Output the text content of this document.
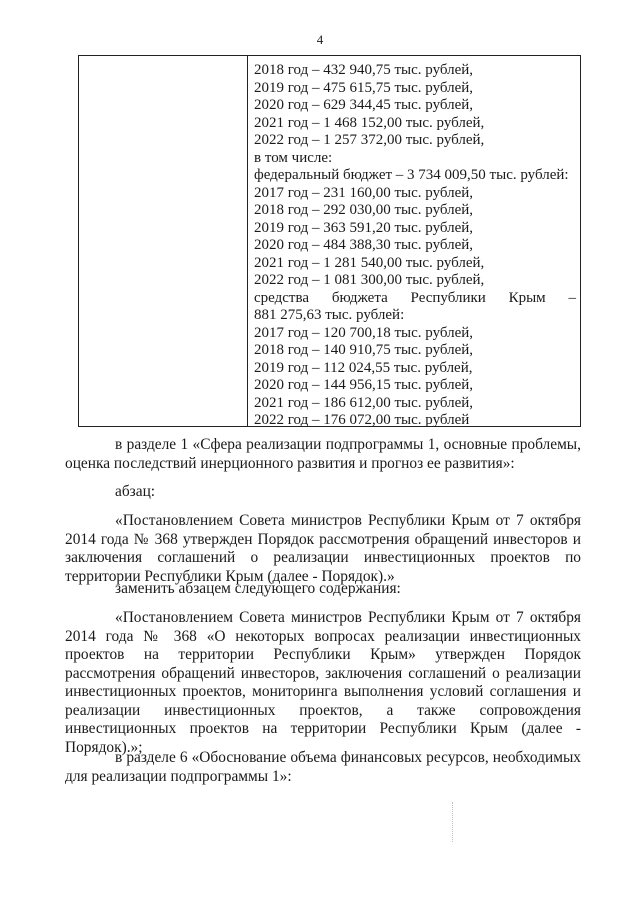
4
2018 год – 432 940,75 тыс. рублей,
2019 год – 475 615,75 тыс. рублей,
2020 год – 629 344,45 тыс. рублей,
2021 год – 1 468 152,00 тыс. рублей,
2022 год – 1 257 372,00 тыс. рублей,
в том числе:
федеральный бюджет – 3 734 009,50 тыс. рублей:
2017 год – 231 160,00 тыс. рублей,
2018 год – 292 030,00 тыс. рублей,
2019 год – 363 591,20 тыс. рублей,
2020 год – 484 388,30 тыс. рублей,
2021 год – 1 281 540,00 тыс. рублей,
2022 год – 1 081 300,00 тыс. рублей,
средства бюджета Республики Крым –
881 275,63 тыс. рублей:
2017 год – 120 700,18 тыс. рублей,
2018 год – 140 910,75 тыс. рублей,
2019 год – 112 024,55 тыс. рублей,
2020 год – 144 956,15 тыс. рублей,
2021 год – 186 612,00 тыс. рублей,
2022 год – 176 072,00 тыс. рублей

в разделе 1 «Сфера реализации подпрограммы 1, основные проблемы, оценка последствий инерционного развития и прогноз ее развития»:

абзац:

«Постановлением Совета министров Республики Крым от 7 октября 2014 года № 368 утвержден Порядок рассмотрения обращений инвесторов и заключения соглашений о реализации инвестиционных проектов по территории Республики Крым (далее - Порядок).»

заменить абзацем следующего содержания:

«Постановлением Совета министров Республики Крым от 7 октября 2014 года № 368 «О некоторых вопросах реализации инвестиционных проектов на территории Республики Крым» утвержден Порядок рассмотрения обращений инвесторов, заключения соглашений о реализации инвестиционных проектов, мониторинга выполнения условий соглашения и реализации инвестиционных проектов, а также сопровождения инвестиционных проектов на территории Республики Крым (далее - Порядок).»;

в разделе 6 «Обоснование объема финансовых ресурсов, необходимых для реализации подпрограммы 1»:
